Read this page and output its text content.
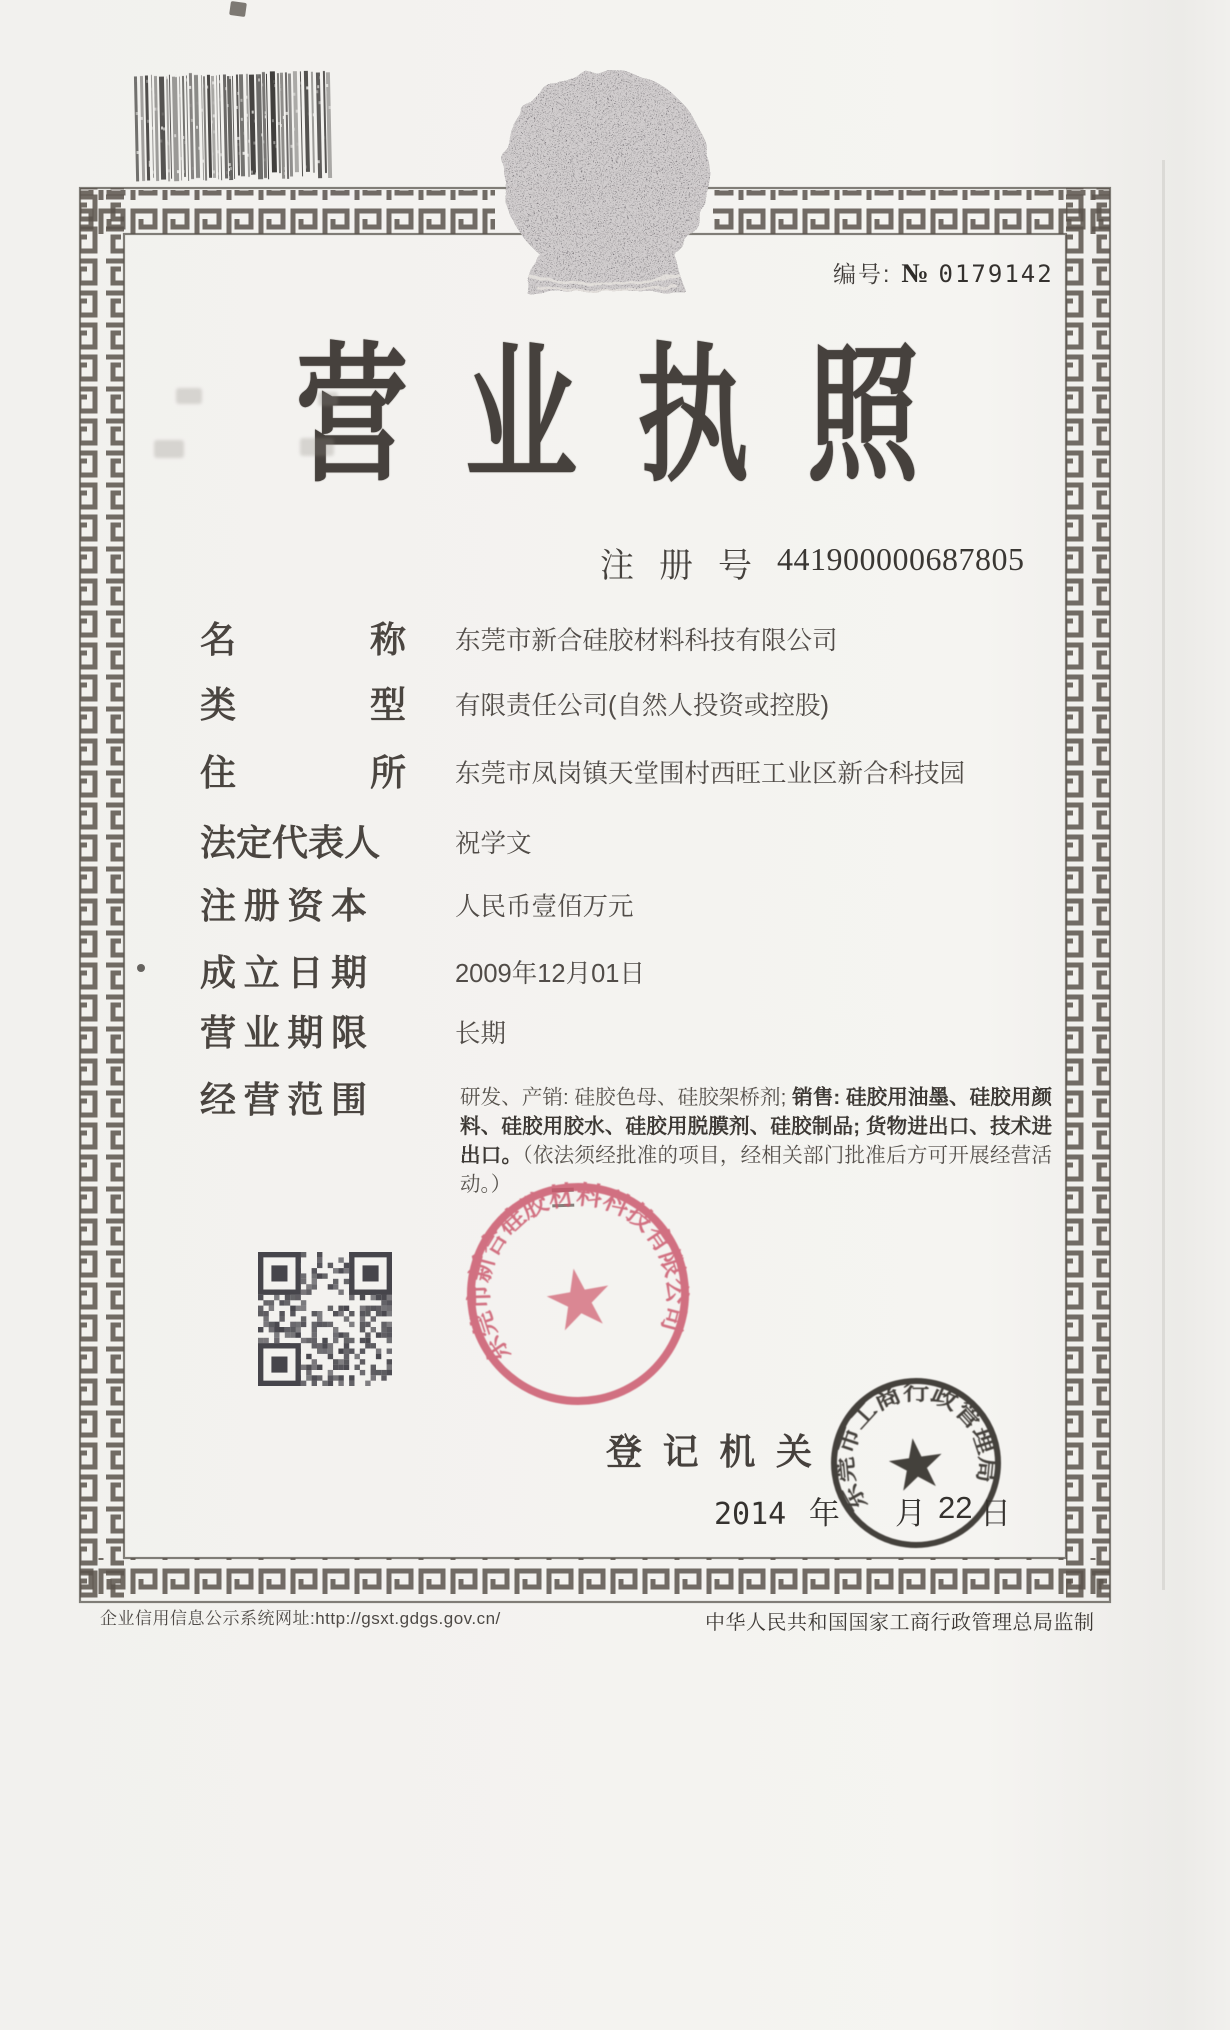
编号: № 0179142
营 业 执 照
注 册 号 441900000687805
名	称 东莞市新合硅胶材料科技有限公司
类	型 有限责任公司(自然人投资或控股)
住	所 东莞市凤岗镇天堂围村西旺工业区新合科技园
法 定 代 表 人	祝学文
注 册 资 本	人民币壹佰万元
成 立 日 期	2009年12月01日
营 业 期 限	长期
经 营 范 围	研发、产销: 硅胶色母、硅胶架桥剂; 销售: 硅胶用油墨、硅胶用颜料、硅胶用胶水、硅胶用脱膜剂、硅胶制品; 货物进出口、技术进出口。（依法须经批准的项目，经相关部门批准后方可开展经营活动。）
东莞市新合硅胶材料科技有限公司
登 记 机 关
2014 年 月 22 日
东莞市工商行政管理局
企业信用信息公示系统网址:http://gsxt.gdgs.gov.cn/	中华人民共和国国家工商行政管理总局监制
